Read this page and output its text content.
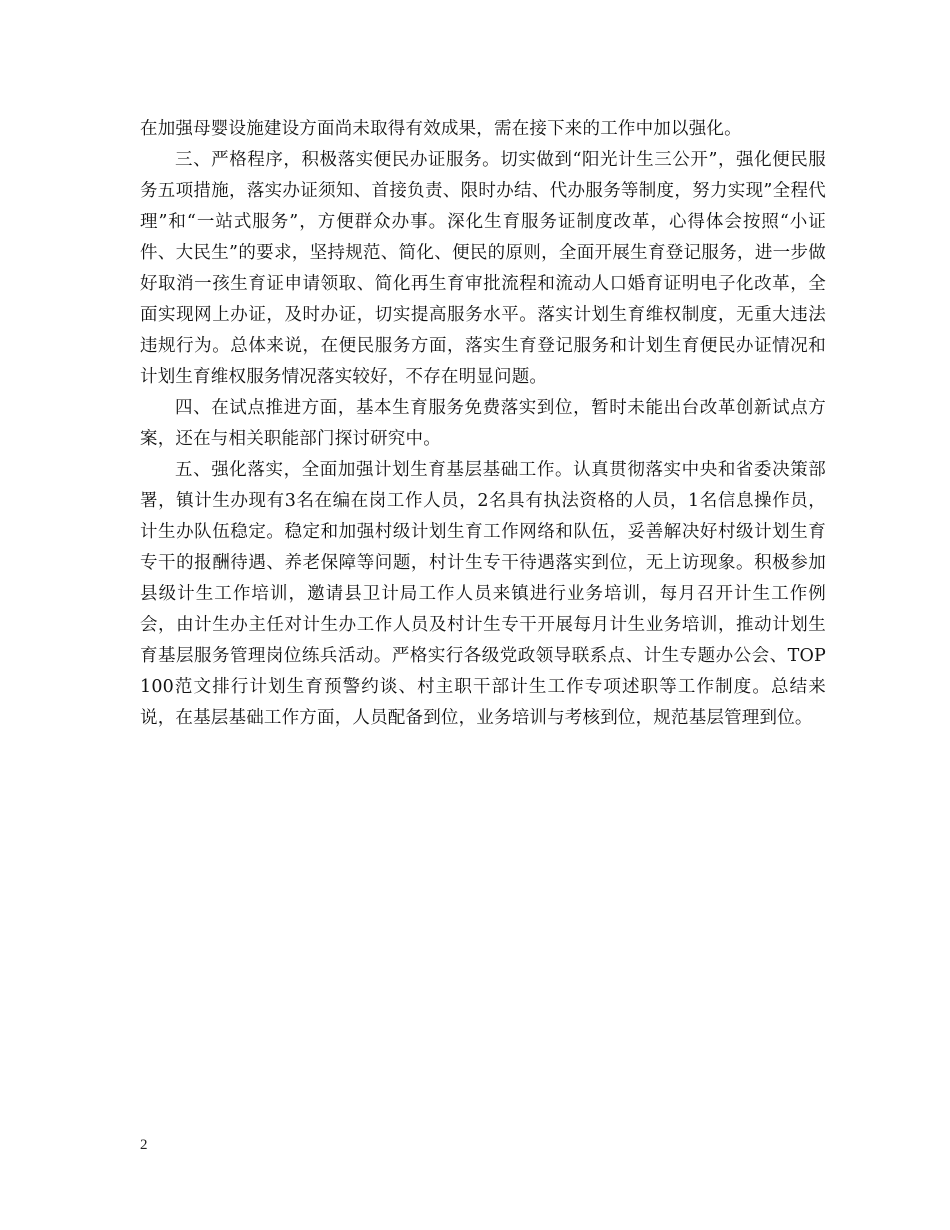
在加强母婴设施建设方面尚未取得有效成果，需在接下来的工作中加以强化。

三、严格程序，积极落实便民办证服务。切实做到“阳光计生三公开”，强化便民服务五项措施，落实办证须知、首接负责、限时办结、代办服务等制度，努力实现”全程代理”和“一站式服务”，方便群众办事。深化生育服务证制度改革，心得体会按照“小证件、大民生”的要求，坚持规范、简化、便民的原则，全面开展生育登记服务，进一步做好取消一孩生育证申请领取、简化再生育审批流程和流动人口婚育证明电子化改革，全面实现网上办证，及时办证，切实提高服务水平。落实计划生育维权制度，无重大违法违规行为。总体来说，在便民服务方面，落实生育登记服务和计划生育便民办证情况和计划生育维权服务情况落实较好，不存在明显问题。

四、在试点推进方面，基本生育服务免费落实到位，暂时未能出台改革创新试点方案，还在与相关职能部门探讨研究中。

五、强化落实，全面加强计划生育基层基础工作。认真贯彻落实中央和省委决策部署，镇计生办现有3名在编在岗工作人员，2名具有执法资格的人员，1名信息操作员，计生办队伍稳定。稳定和加强村级计划生育工作网络和队伍，妥善解决好村级计划生育专干的报酬待遇、养老保障等问题，村计生专干待遇落实到位，无上访现象。积极参加县级计生工作培训，邀请县卫计局工作人员来镇进行业务培训，每月召开计生工作例会，由计生办主任对计生办工作人员及村计生专干开展每月计生业务培训，推动计划生育基层服务管理岗位练兵活动。严格实行各级党政领导联系点、计生专题办公会、TOP100范文排行计划生育预警约谈、村主职干部计生工作专项述职等工作制度。总结来说，在基层基础工作方面，人员配备到位，业务培训与考核到位，规范基层管理到位。

2
